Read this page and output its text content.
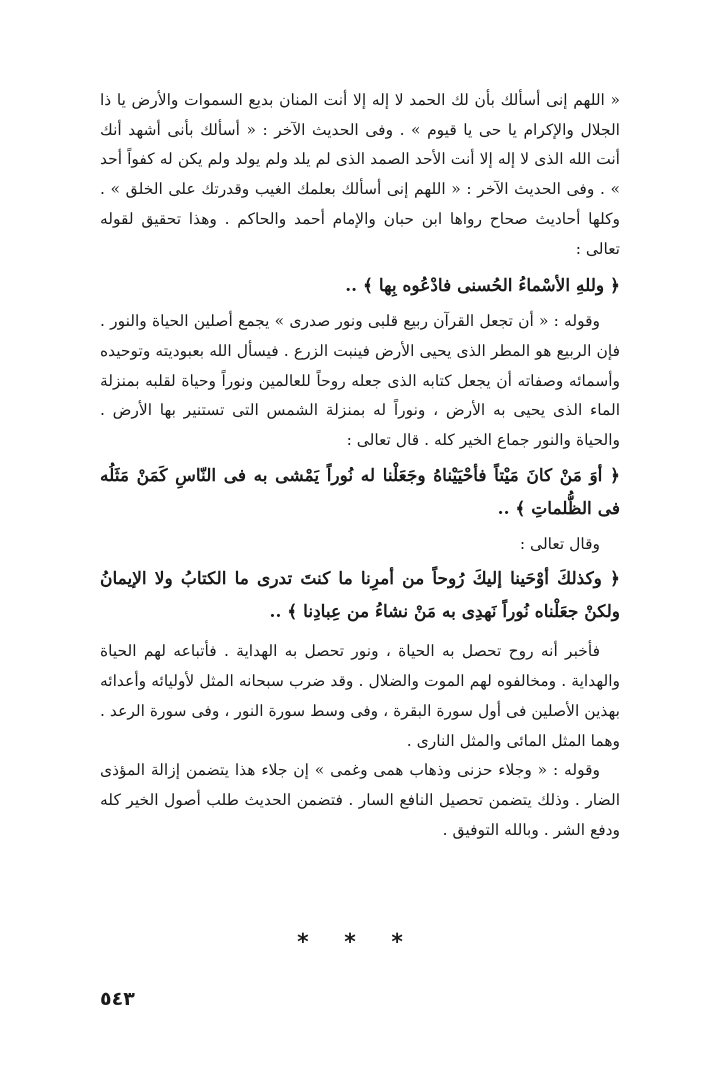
« اللهم إنى أسألك بأن لك الحمد لا إله إلا أنت المنان بديع السموات والأرض يا ذا الجلال والإكرام يا حى يا قيوم » . وفى الحديث الآخر : « أسألك بأنى أشهد أنك أنت الله الذى لا إله إلا أنت الأحد الصمد الذى لم يلد ولم يولد ولم يكن له كفواً أحد » . وفى الحديث الآخر : « اللهم إنى أسألك بعلمك الغيب وقدرتك على الخلق » . وكلها أحاديث صحاح رواها ابن حبان والإمام أحمد والحاكم . وهذا تحقيق لقوله تعالى :

﴿ وللهِ الأسْماءُ الحُسنى فادْعُوه بِها ﴾ ..

وقوله : « أن تجعل القرآن ربيع قلبى ونور صدرى » يجمع أصلين الحياة والنور . فإن الربيع هو المطر الذى يحيى الأرض فينبت الزرع . فيسأل الله بعبوديته وتوحيده وأسمائه وصفاته أن يجعل كتابه الذى جعله روحاً للعالمين ونوراً وحياة لقلبه بمنزلة الماء الذى يحيى به الأرض ، ونوراً له بمنزلة الشمس التى تستنير بها الأرض . والحياة والنور جماع الخير كله . قال تعالى :

﴿ أوَ مَنْ كانَ مَيْتاً فأحْيَيْناهُ وجَعَلْنا له نُوراً يَمْشى به فى النّاسِ كَمَنْ مَثَلُه فى الظُّلماتِ ﴾ ..

وقال تعالى :

﴿ وكذلكَ أوْحَينا إليكَ رُوحاً من أمرِنا ما كنتَ تدرى ما الكتابُ ولا الإيمانُ ولكنْ جعَلْناه نُوراً نَهدِى به مَنْ نشاءُ من عِبادِنا ﴾ ..

فأخبر أنه روح تحصل به الحياة ، ونور تحصل به الهداية . فأتباعه لهم الحياة والهداية . ومخالفوه لهم الموت والضلال . وقد ضرب سبحانه المثل لأوليائه وأعدائه بهذين الأصلين فى أول سورة البقرة ، وفى وسط سورة النور ، وفى سورة الرعد . وهما المثل المائى والمثل النارى .

وقوله : « وجلاء حزنى وذهاب همى وغمى » إن جلاء هذا يتضمن إزالة المؤذى الضار . وذلك يتضمن تحصيل النافع السار . فتضمن الحديث طلب أصول الخير كله ودفع الشر . وبالله التوفيق .

* * *
٥٤٣
